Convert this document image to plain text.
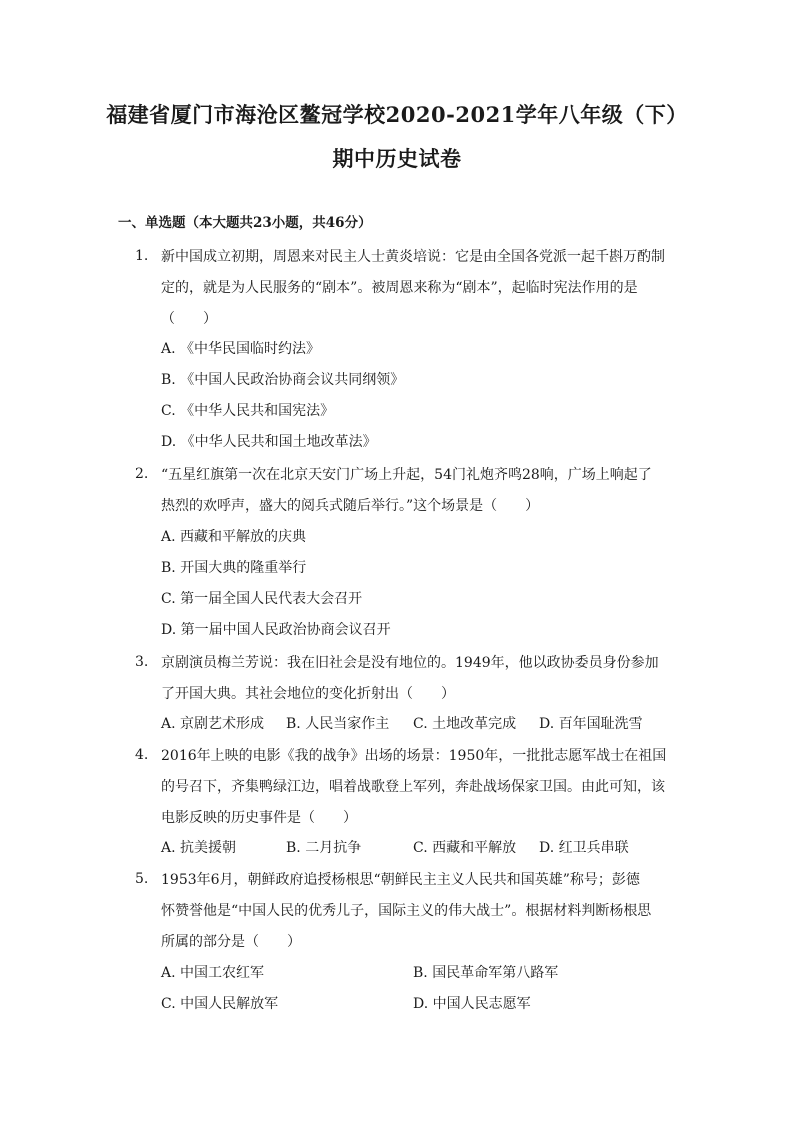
福建省厦门市海沧区鳌冠学校2020-2021学年八年级（下）
期中历史试卷
一、单选题（本大题共23小题，共46分）
1. 新中国成立初期，周恩来对民主人士黄炎培说：它是由全国各党派一起千斟万酌制
定的，就是为人民服务的“剧本”。被周恩来称为“剧本”，起临时宪法作用的是
（　　）
A. 《中华民国临时约法》
B. 《中国人民政治协商会议共同纲领》
C. 《中华人民共和国宪法》
D. 《中华人民共和国土地改革法》
2. “五星红旗第一次在北京天安门广场上升起，54门礼炮齐鸣28响，广场上响起了
热烈的欢呼声，盛大的阅兵式随后举行。”这个场景是（　　）
A. 西藏和平解放的庆典
B. 开国大典的隆重举行
C. 第一届全国人民代表大会召开
D. 第一届中国人民政治协商会议召开
3. 京剧演员梅兰芳说：我在旧社会是没有地位的。1949年，他以政协委员身份参加
了开国大典。其社会地位的变化折射出（　　）
A. 京剧艺术形成 B. 人民当家作主 C. 土地改革完成 D. 百年国耻洗雪
4. 2016年上映的电影《我的战争》出场的场景：1950年，一批批志愿军战士在祖国
的号召下，齐集鸭绿江边，唱着战歌登上军列，奔赴战场保家卫国。由此可知，该
电影反映的历史事件是（　　）
A. 抗美援朝	B. 二月抗争	C. 西藏和平解放 D. 红卫兵串联
5. 1953年6月，朝鲜政府追授杨根思“朝鲜民主主义人民共和国英雄”称号；彭德
怀赞誉他是“中国人民的优秀儿子，国际主义的伟大战士”。根据材料判断杨根思
所属的部分是（　　）
A. 中国工农红军	B. 国民革命军第八路军
C. 中国人民解放军	D. 中国人民志愿军
